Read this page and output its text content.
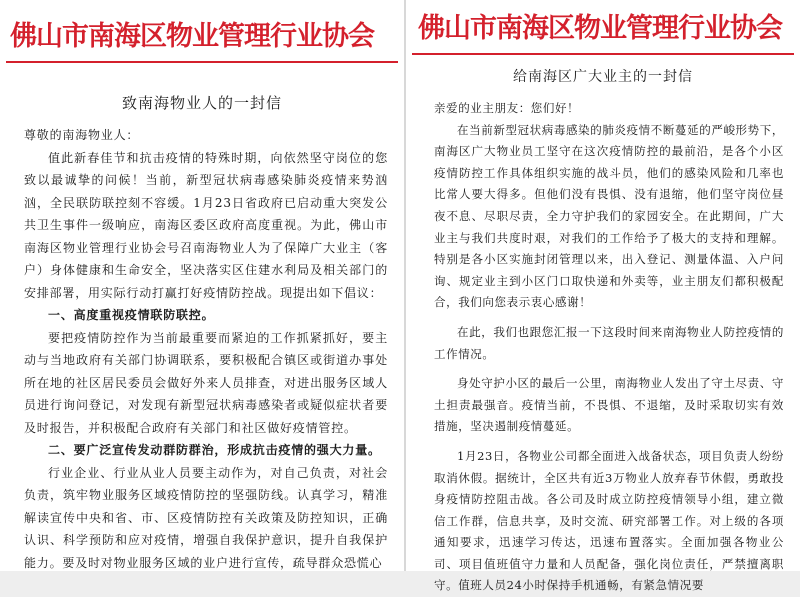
佛山市南海区物业管理行业协会
致南海物业人的一封信

尊敬的南海物业人：

值此新春佳节和抗击疫情的特殊时期，向依然坚守岗位的您致以最诚挚的问候！当前，新型冠状病毒感染肺炎疫情来势汹汹，全民联防联控刻不容缓。1月23日省政府已启动重大突发公共卫生事件一级响应，南海区委区政府高度重视。为此，佛山市南海区物业管理行业协会号召南海物业人为了保障广大业主（客户）身体健康和生命安全，坚决落实区住建水利局及相关部门的安排部署，用实际行动打赢打好疫情防控战。现提出如下倡议：

一、高度重视疫情联防联控。

要把疫情防控作为当前最重要而紧迫的工作抓紧抓好，要主动与当地政府有关部门协调联系，要积极配合镇区或街道办事处所在地的社区居民委员会做好外来人员排查，对进出服务区域人员进行询问登记，对发现有新型冠状病毒感染者或疑似症状者要及时报告，并积极配合政府有关部门和社区做好疫情管控。

二、要广泛宣传发动群防群治，形成抗击疫情的强大力量。

行业企业、行业从业人员要主动作为，对自己负责，对社会负责，筑牢物业服务区域疫情防控的坚强防线。认真学习，精准解读宣传中央和省、市、区疫情防控有关政策及防控知识，正确认识、科学预防和应对疫情，增强自我保护意识，提升自我保护能力。要及时对物业服务区域的业户进行宣传，疏导群众恐慌心

佛山市南海区物业管理行业协会
给南海区广大业主的一封信

亲爱的业主朋友：您们好！

在当前新型冠状病毒感染的肺炎疫情不断蔓延的严峻形势下，南海区广大物业员工坚守在这次疫情防控的最前沿，是各个小区疫情防控工作具体组织实施的战斗员，他们的感染风险和几率也比常人要大得多。但他们没有畏惧、没有退缩，他们坚守岗位昼夜不息、尽职尽责，全力守护我们的家园安全。在此期间，广大业主与我们共度时艰，对我们的工作给予了极大的支持和理解。特别是各小区实施封闭管理以来，出入登记、测量体温、入户问询、规定业主到小区门口取快递和外卖等，业主朋友们都积极配合，我们向您表示衷心感谢！

在此，我们也跟您汇报一下这段时间来南海物业人防控疫情的工作情况。

身处守护小区的最后一公里，南海物业人发出了守土尽责、守土担责最强音。疫情当前，不畏惧、不退缩，及时采取切实有效措施，坚决遏制疫情蔓延。

1月23日，各物业公司都全面进入战备状态，项目负责人纷纷取消休假。据统计，全区共有近3万物业人放弃春节休假，勇敢投身疫情防控阻击战。各公司及时成立防控疫情领导小组，建立微信工作群，信息共享，及时交流、研究部署工作。对上级的各项通知要求，迅速学习传达，迅速布置落实。全面加强各物业公司、项目值班值守力量和人员配备，强化岗位责任，严禁擅离职守。值班人员24小时保持手机通畅，有紧急情况要
